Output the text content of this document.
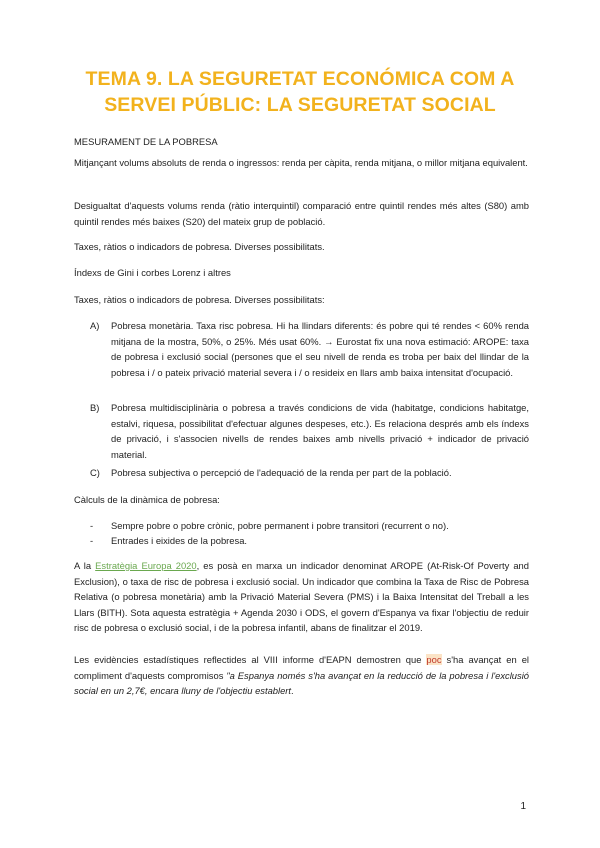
TEMA 9. LA SEGURETAT ECONÓMICA COM A
SERVEI PÚBLIC: LA SEGURETAT SOCIAL
MESURAMENT DE LA POBRESA
Mitjançant volums absoluts de renda o ingressos: renda per càpita, renda mitjana, o millor mitjana equivalent.
Desigualtat d'aquests volums renda (ràtio interquintil) comparació entre quintil rendes més altes (S80) amb quintil rendes més baixes (S20) del mateix grup de població.
Taxes, ràtios o indicadors de pobresa. Diverses possibilitats.
Índexs de Gini i corbes Lorenz i altres
Taxes, ràtios o indicadors de pobresa. Diverses possibilitats:
A) Pobresa monetària. Taxa risc pobresa. Hi ha llindars diferents: és pobre qui té rendes < 60% renda mitjana de la mostra, 50%, o 25%. Més usat 60%. → Eurostat fix una nova estimació: AROPE: taxa de pobresa i exclusió social (persones que el seu nivell de renda es troba per baix del llindar de la pobresa i / o pateix privació material severa i / o resideix en llars amb baixa intensitat d'ocupació.
B) Pobresa multidisciplinària o pobresa a través condicions de vida (habitatge, condicions habitatge, estalvi, riquesa, possibilitat d'efectuar algunes despeses, etc.). Es relaciona després amb els índexs de privació, i s'associen nivells de rendes baixes amb nivells privació + indicador de privació material.
C) Pobresa subjectiva o percepció de l'adequació de la renda per part de la població.
Càlculs de la dinàmica de pobresa:
- Sempre pobre o pobre crònic, pobre permanent i pobre transitori (recurrent o no).
- Entrades i eixides de la pobresa.
A la Estratègia Europa 2020, es posà en marxa un indicador denominat AROPE (At-Risk-Of Poverty and Exclusion), o taxa de risc de pobresa i exclusió social. Un indicador que combina la Taxa de Risc de Pobresa Relativa (o pobresa monetària) amb la Privació Material Severa (PMS) i la Baixa Intensitat del Treball a les Llars (BITH). Sota aquesta estratègia + Agenda 2030 i ODS, el govern d'Espanya va fixar l'objectiu de reduir risc de pobresa o exclusió social, i de la pobresa infantil, abans de finalitzar el 2019.
Les evidències estadístiques reflectides al VIII informe d'EAPN demostren que poc s'ha avançat en el compliment d'aquests compromisos "a Espanya només s'ha avançat en la reducció de la pobresa i l'exclusió social en un 2,7€, encara lluny de l'objectiu establert.
1
